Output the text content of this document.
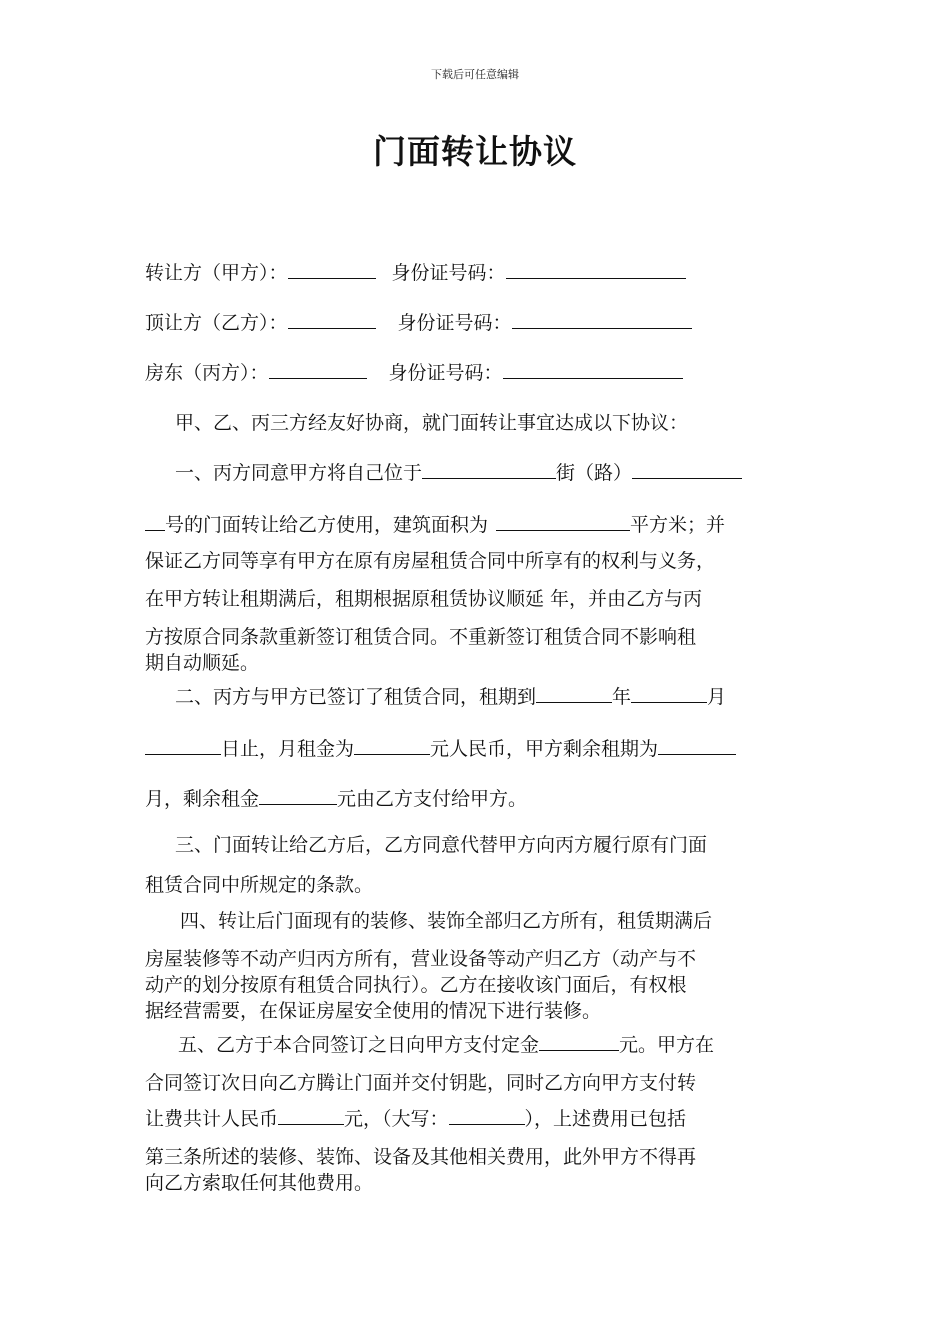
下载后可任意编辑
门面转让协议
转让方（甲方）：	身份证号码：
顶让方（乙方）：	身份证号码：
房东（丙方）：	身份证号码：
甲、乙、丙三方经友好协商，就门面转让事宜达成以下协议：
一、丙方同意甲方将自己位于	街（路）
号的门面转让给乙方使用，建筑面积为	平方米；并
保证乙方同等享有甲方在原有房屋租赁合同中所享有的权利与义务，
在甲方转让租期满后，租期根据原租赁协议顺延 年，并由乙方与丙
方按原合同条款重新签订租赁合同。不重新签订租赁合同不影响租
期自动顺延。
二、丙方与甲方已签订了租赁合同，租期到	年	月
日止，月租金为	元人民币，甲方剩余租期为
月，剩余租金	元由乙方支付给甲方。
三、门面转让给乙方后，乙方同意代替甲方向丙方履行原有门面
租赁合同中所规定的条款。
四、转让后门面现有的装修、装饰全部归乙方所有，租赁期满后
房屋装修等不动产归丙方所有，营业设备等动产归乙方（动产与不
动产的划分按原有租赁合同执行）。乙方在接收该门面后，有权根
据经营需要，在保证房屋安全使用的情况下进行装修。
五、乙方于本合同签订之日向甲方支付定金	元。甲方在
合同签订次日向乙方腾让门面并交付钥匙，同时乙方向甲方支付转
让费共计人民币	元，（大写：	），上述费用已包括
第三条所述的装修、装饰、设备及其他相关费用，此外甲方不得再
向乙方索取任何其他费用。
